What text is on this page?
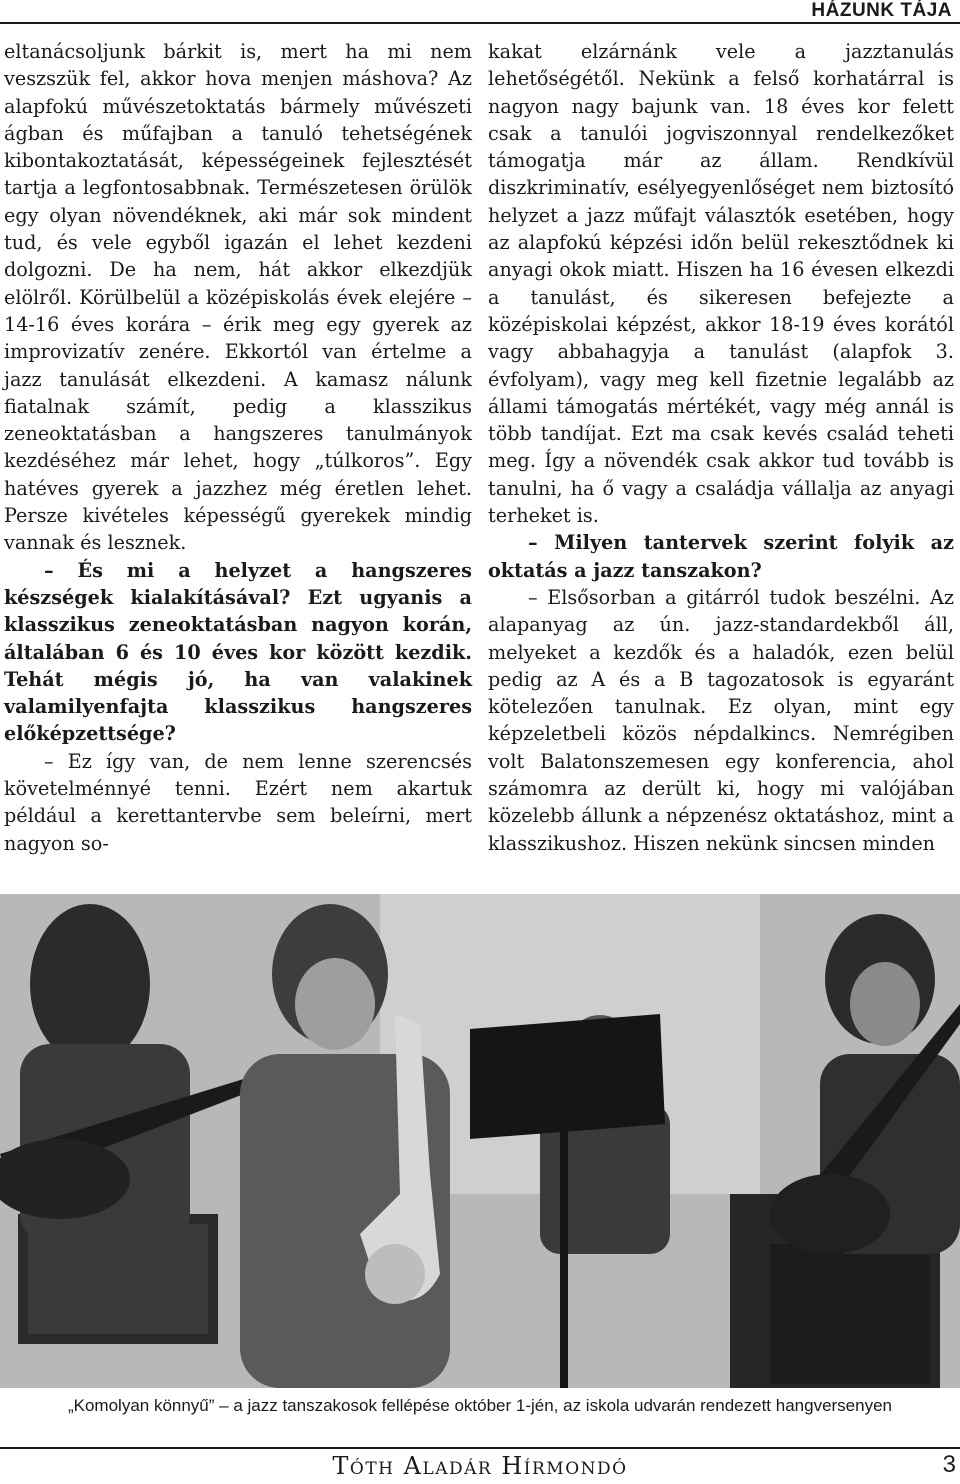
HÁZUNK TÁJA

eltanácsoljunk bárkit is, mert ha mi nem veszszük fel, akkor hova menjen máshova? Az alapfokú művészetoktatás bármely művészeti ágban és műfajban a tanuló tehetségének kibontakoztatását, képességeinek fejlesztését tartja a legfontosabbnak. Természetesen örülök egy olyan növendéknek, aki már sok mindent tud, és vele egyből igazán el lehet kezdeni dolgozni. De ha nem, hát akkor elkezdjük elölről. Körülbelül a középiskolás évek elejére – 14-16 éves korára – érik meg egy gyerek az improvizatív zenére. Ekkortól van értelme a jazz tanulását elkezdeni. A kamasz nálunk fiatalnak számít, pedig a klasszikus zeneoktatásban a hangszeres tanulmányok kezdéséhez már lehet, hogy „túlkoros”. Egy hatéves gyerek a jazzhez még éretlen lehet. Persze kivételes képességű gyerekek mindig vannak és lesznek.

– És mi a helyzet a hangszeres készségek kialakításával? Ezt ugyanis a klasszikus zeneoktatásban nagyon korán, általában 6 és 10 éves kor között kezdik. Tehát mégis jó, ha van valakinek valamilyenfajta klasszikus hangszeres előképzettsége?

– Ez így van, de nem lenne szerencsés követelménnyé tenni. Ezért nem akartuk például a kerettantervbe sem beleírni, mert nagyon so-

kakat elzárnánk vele a jazztanulás lehetőségétől. Nekünk a felső korhatárral is nagyon nagy bajunk van. 18 éves kor felett csak a tanulói jogviszonnyal rendelkezőket támogatja már az állam. Rendkívül diszkriminatív, esélyegyenlőséget nem biztosító helyzet a jazz műfajt választók esetében, hogy az alapfokú képzési időn belül rekesztődnek ki anyagi okok miatt. Hiszen ha 16 évesen elkezdi a tanulást, és sikeresen befejezte a középiskolai képzést, akkor 18-19 éves korától vagy abbahagyja a tanulást (alapfok 3. évfolyam), vagy meg kell fizetnie legalább az állami támogatás mértékét, vagy még annál is több tandíjat. Ezt ma csak kevés család teheti meg. Így a növendék csak akkor tud tovább is tanulni, ha ő vagy a családja vállalja az anyagi terheket is.

– Milyen tantervek szerint folyik az oktatás a jazz tanszakon?

– Elsősorban a gitárról tudok beszélni. Az alapanyag az ún. jazz-standardekből áll, melyeket a kezdők és a haladók, ezen belül pedig az A és a B tagozatosok is egyaránt kötelezően tanulnak. Ez olyan, mint egy képzeletbeli közös népdalkincs. Nemrégiben volt Balatonszemesen egy konferencia, ahol számomra az derült ki, hogy mi valójában közelebb állunk a népzenész oktatáshoz, mint a klasszikushoz. Hiszen nekünk sincsen minden

„Komolyan könnyű” – a jazz tanszakosok fellépése október 1-jén, az iskola udvarán rendezett hangversenyen
Tóth Aladár Hírmondó	3
